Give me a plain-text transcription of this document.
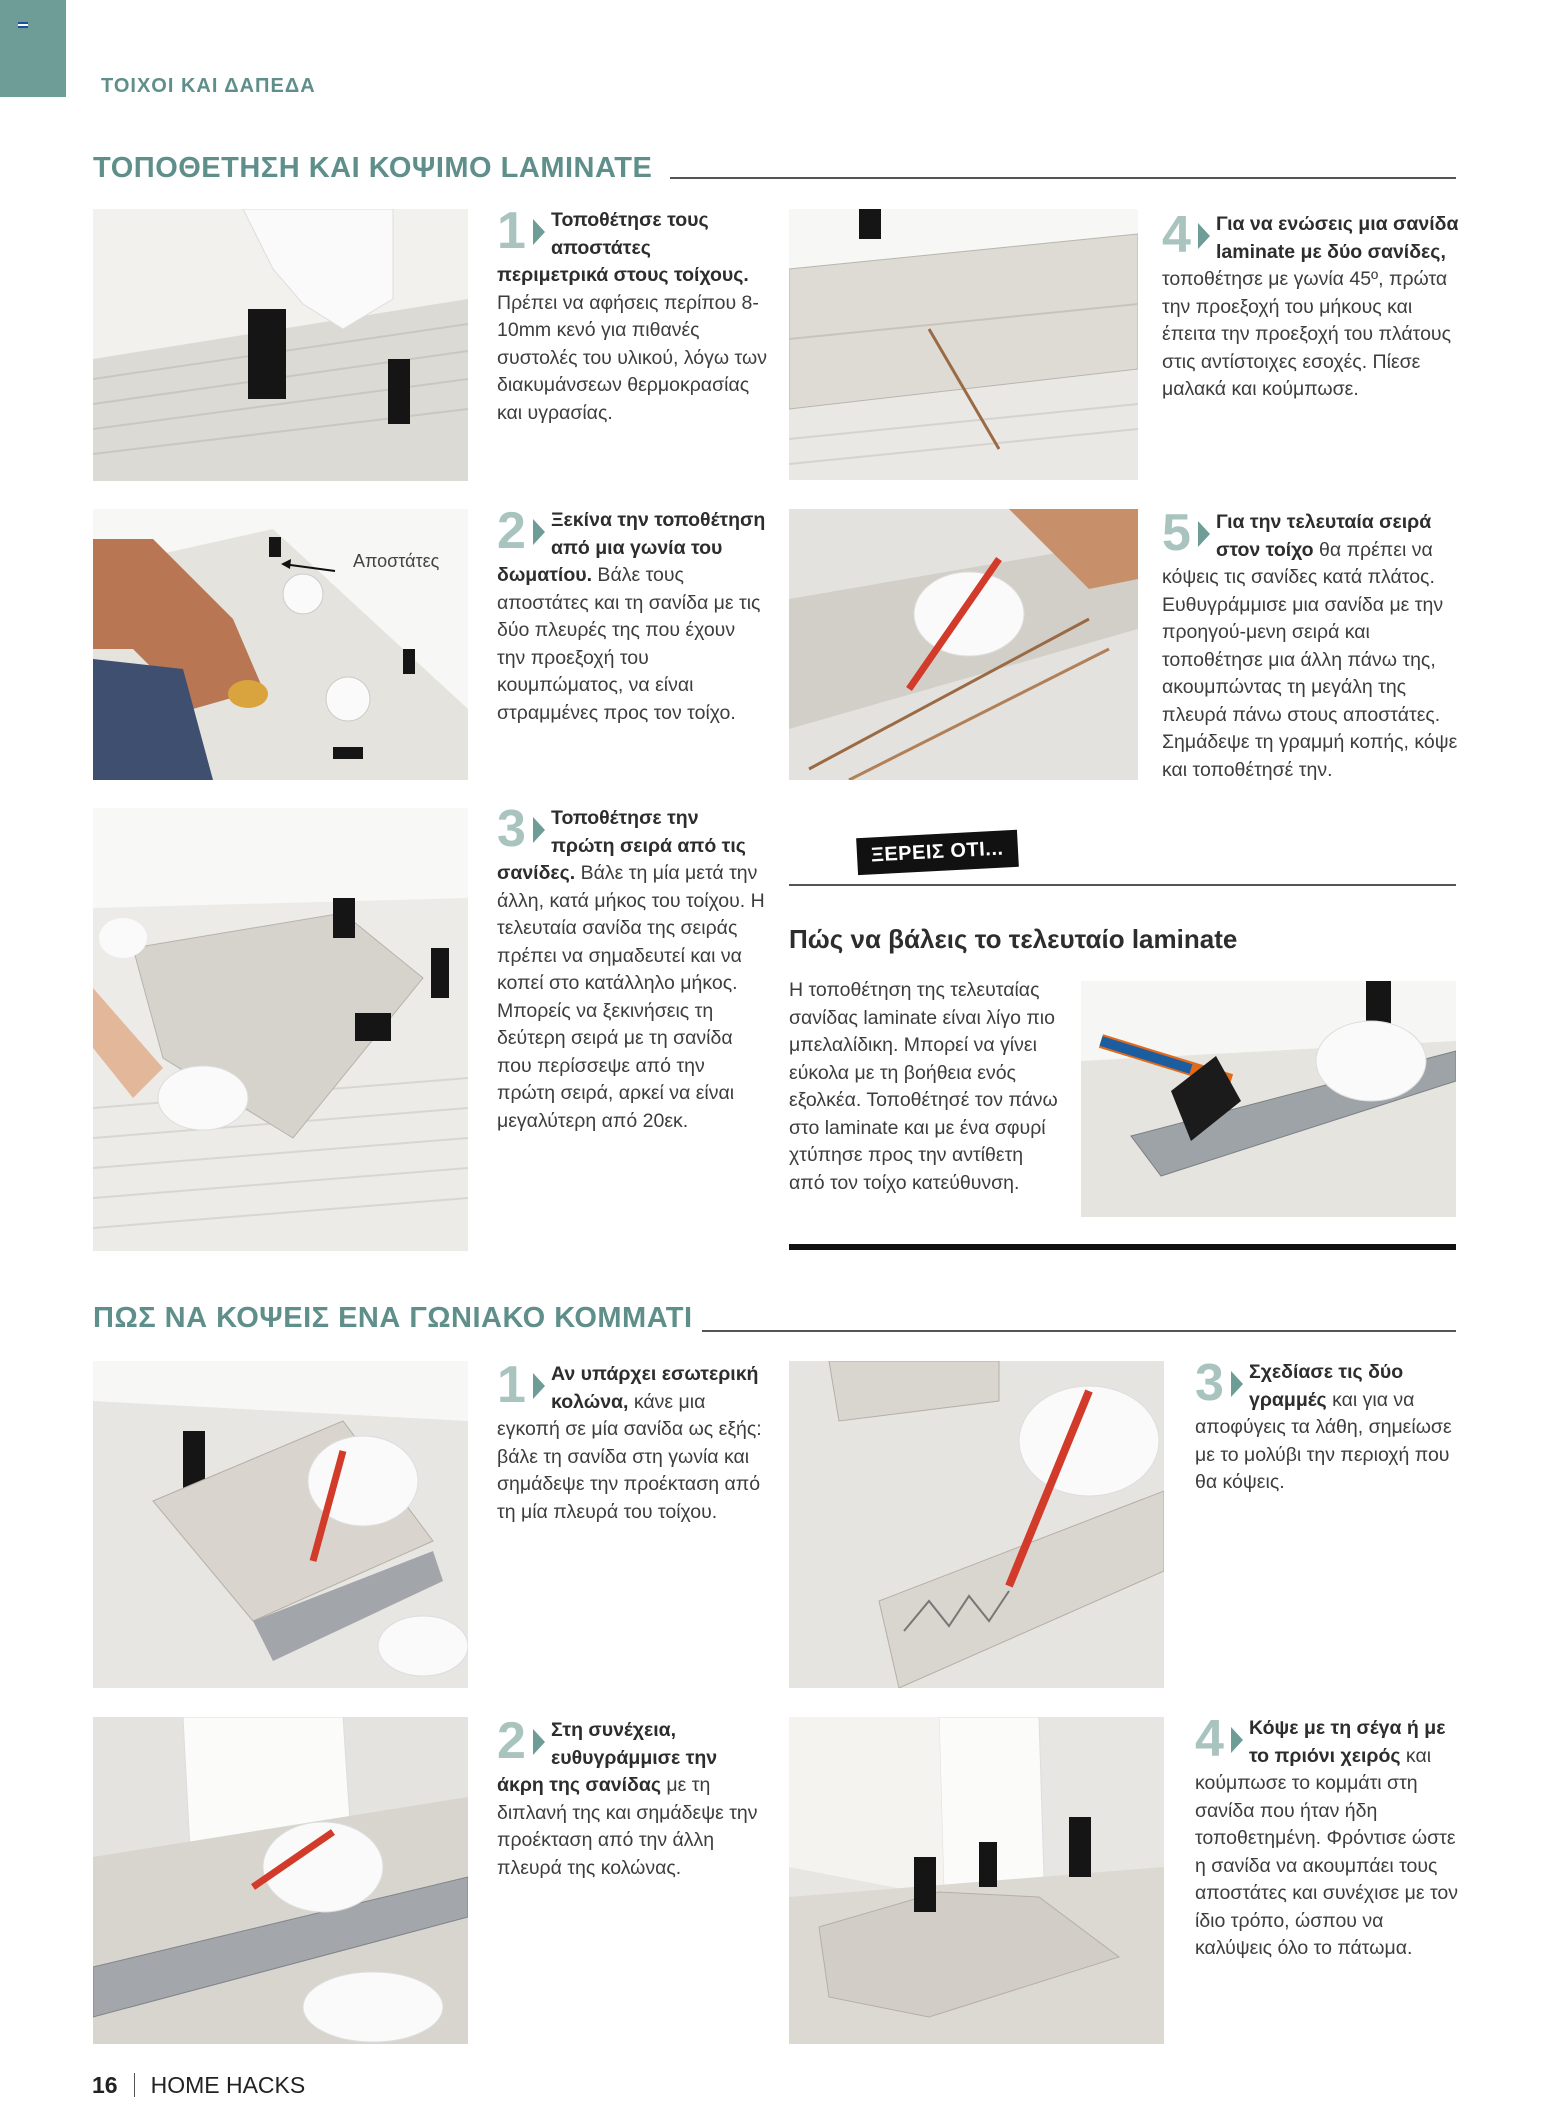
ΤΟΙΧΟΙ ΚΑΙ ΔΑΠΕΔΑ
ΤΟΠΟΘΕΤΗΣΗ ΚΑΙ ΚΟΨΙΜΟ LAMINATE
1 Τοποθέτησε τους αποστάτες περιμετρικά στους τοίχους. Πρέπει να αφήσεις περίπου 8-10mm κενό για πιθανές συστολές του υλικού, λόγω των διακυμάνσεων θερμοκρασίας και υγρασίας.
Αποστάτες
2 Ξεκίνα την τοποθέτηση από μια γωνία του δωματίου. Βάλε τους αποστάτες και τη σανίδα με τις δύο πλευρές της που έχουν την προεξοχή του κουμπώματος, να είναι στραμμένες προς τον τοίχο.
3 Τοποθέτησε την πρώτη σειρά από τις σανίδες. Βάλε τη μία μετά την άλλη, κατά μήκος του τοίχου. Η τελευταία σανίδα της σειράς πρέπει να σημαδευτεί και να κοπεί στο κατάλληλο μήκος. Μπορείς να ξεκινήσεις τη δεύτερη σειρά με τη σανίδα που περίσσεψε από την πρώτη σειρά, αρκεί να είναι μεγαλύτερη από 20εκ.
4 Για να ενώσεις μια σανίδα laminate με δύο σανίδες, τοποθέτησε με γωνία 45º, πρώτα την προεξοχή του μήκους και έπειτα την προεξοχή του πλάτους στις αντίστοιχες εσοχές. Πίεσε μαλακά και κούμπωσε.
5 Για την τελευταία σειρά στον τοίχο θα πρέπει να κόψεις τις σανίδες κατά πλάτος. Ευθυγράμμισε μια σανίδα με την προηγού-μενη σειρά και τοποθέτησε μια άλλη πάνω της, ακουμπώντας τη μεγάλη της πλευρά πάνω στους αποστάτες. Σημάδεψε τη γραμμή κοπής, κόψε και τοποθέτησέ την.
ΞΕΡΕΙΣ ΟΤΙ...
Πώς να βάλεις το τελευταίο laminate
Η τοποθέτηση της τελευταίας σανίδας laminate είναι λίγο πιο μπελαλίδικη. Μπορεί να γίνει εύκολα με τη βοήθεια ενός εξολκέα. Τοποθέτησέ τον πάνω στο laminate και με ένα σφυρί χτύπησε προς την αντίθετη από τον τοίχο κατεύθυνση.
ΠΩΣ ΝΑ ΚΟΨΕΙΣ ΕΝΑ ΓΩΝΙΑΚΟ ΚΟΜΜΑΤΙ
1 Αν υπάρχει εσωτερική κολώνα, κάνε μια εγκοπή σε μία σανίδα ως εξής: βάλε τη σανίδα στη γωνία και σημάδεψε την προέκταση από τη μία πλευρά του τοίχου.
2 Στη συνέχεια, ευθυγράμμισε την άκρη της σανίδας με τη διπλανή της και σημάδεψε την προέκταση από την άλλη πλευρά της κολώνας.
3 Σχεδίασε τις δύο γραμμές και για να αποφύγεις τα λάθη, σημείωσε με το μολύβι την περιοχή που θα κόψεις.
4 Κόψε με τη σέγα ή με το πριόνι χειρός και κούμπωσε το κομμάτι στη σανίδα που ήταν ήδη τοποθετημένη. Φρόντισε ώστε η σανίδα να ακουμπάει τους αποστάτες και συνέχισε με τον ίδιο τρόπο, ώσπου να καλύψεις όλο το πάτωμα.
16 HOME HACKS
